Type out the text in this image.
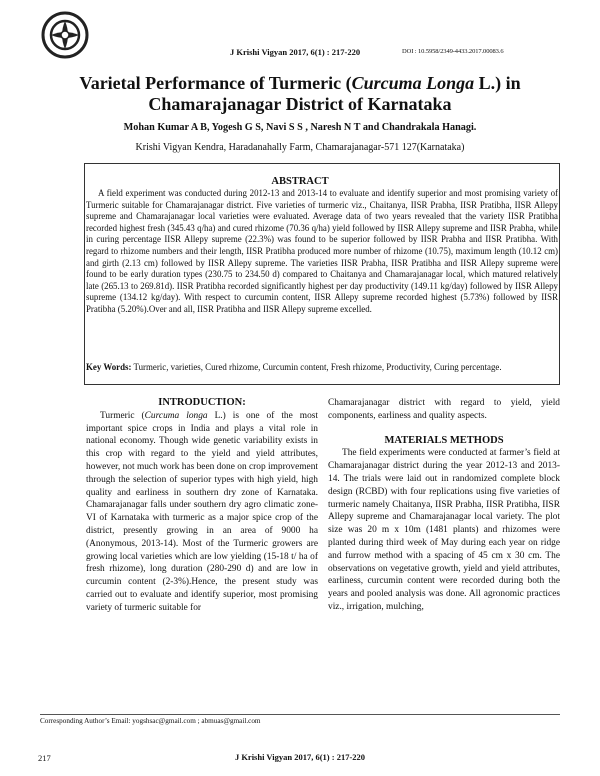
J Krishi Vigyan 2017, 6(1) : 217-220	DOI : 10.5958/2349-4433.2017.00083.6
Varietal Performance of Turmeric (Curcuma Longa L.) in Chamarajanagar District of Karnataka
Mohan Kumar A B, Yogesh G S, Navi S S , Naresh N T and Chandrakala Hanagi.
Krishi Vigyan Kendra, Haradanahally Farm, Chamarajanagar-571 127(Karnataka)
ABSTRACT

A field experiment was conducted during 2012-13 and 2013-14 to evaluate and identify superior and most promising variety of Turmeric suitable for Chamarajanagar district. Five varieties of turmeric viz., Chaitanya, IISR Prabha, IISR Pratibha, IISR Allepy supreme and Chamarajanagar local varieties were evaluated. Average data of two years revealed that the variety IISR Pratibha recorded highest fresh (345.43 q/ha) and cured rhizome (70.36 q/ha) yield followed by IISR Allepy supreme and IISR Prabha, while in curing percentage IISR Allepy supreme (22.3%) was found to be superior followed by IISR Prabha and IISR Pratibha. With regard to rhizome numbers and their length, IISR Pratibha produced more number of rhizome (10.75), maximum length (10.12 cm) and girth (2.13 cm) followed by IISR Allepy supreme. The varieties IISR Prabha, IISR Pratibha and IISR Allepy supreme were found to be early duration types (230.75 to 234.50 d) compared to Chaitanya and Chamarajanagar local, which matured relatively late (265.13 to 269.81d). IISR Pratibha recorded significantly highest per day productivity (149.11 kg/day) followed by IISR Allepy supreme (134.12 kg/day). With respect to curcumin content, IISR Allepy supreme recorded highest (5.73%) followed by IISR Pratibha (5.20%).Over and all, IISR Pratibha and IISR Allepy supreme excelled.

Key Words: Turmeric, varieties, Cured rhizome, Curcumin content, Fresh rhizome, Productivity, Curing percentage.

INTRODUCTION:

Turmeric (Curcuma longa L.) is one of the most important spice crops in India and plays a vital role in national economy. Though wide genetic variability exists in this crop with regard to the yield and yield attributes, however, not much work has been done on crop improvement through the selection of superior types with high yield, high quality and earliness in southern dry zone of Karnataka. Chamarajanagar falls under southern dry agro climatic zone-VI of Karnataka with turmeric as a major spice crop of the district, presently growing in an area of 9000 ha (Anonymous, 2013-14). Most of the Turmeric growers are growing local varieties which are low yielding (15-18 t/ ha of fresh rhizome), long duration (280-290 d) and are low in curcumin content (2-3%).Hence, the present study was carried out to evaluate and identify superior, most promising variety of turmeric suitable for

Chamarajanagar district with regard to yield, yield components, earliness and quality aspects.

MATERIALS METHODS

The field experiments were conducted at farmer’s field at Chamarajanagar district during the year 2012-13 and 2013-14. The trials were laid out in randomized complete block design (RCBD) with four replications using five varieties of turmeric namely Chaitanya, IISR Prabha, IISR Pratibha, IISR Allepy supreme and Chamarajanagar local variety. The plot size was 20 m x 10m (1481 plants) and rhizomes were planted during third week of May during each year on ridge and furrow method with a spacing of 45 cm x 30 cm. The observations on vegetative growth, yield and yield attributes, earliness, curcumin content were recorded during both the years and pooled analysis was done. All agronomic practices viz., irrigation, mulching,

Corresponding Author’s Email: yogshsac@gmail.com ; abmuas@gmail.com
217	J Krishi Vigyan 2017, 6(1) : 217-220
